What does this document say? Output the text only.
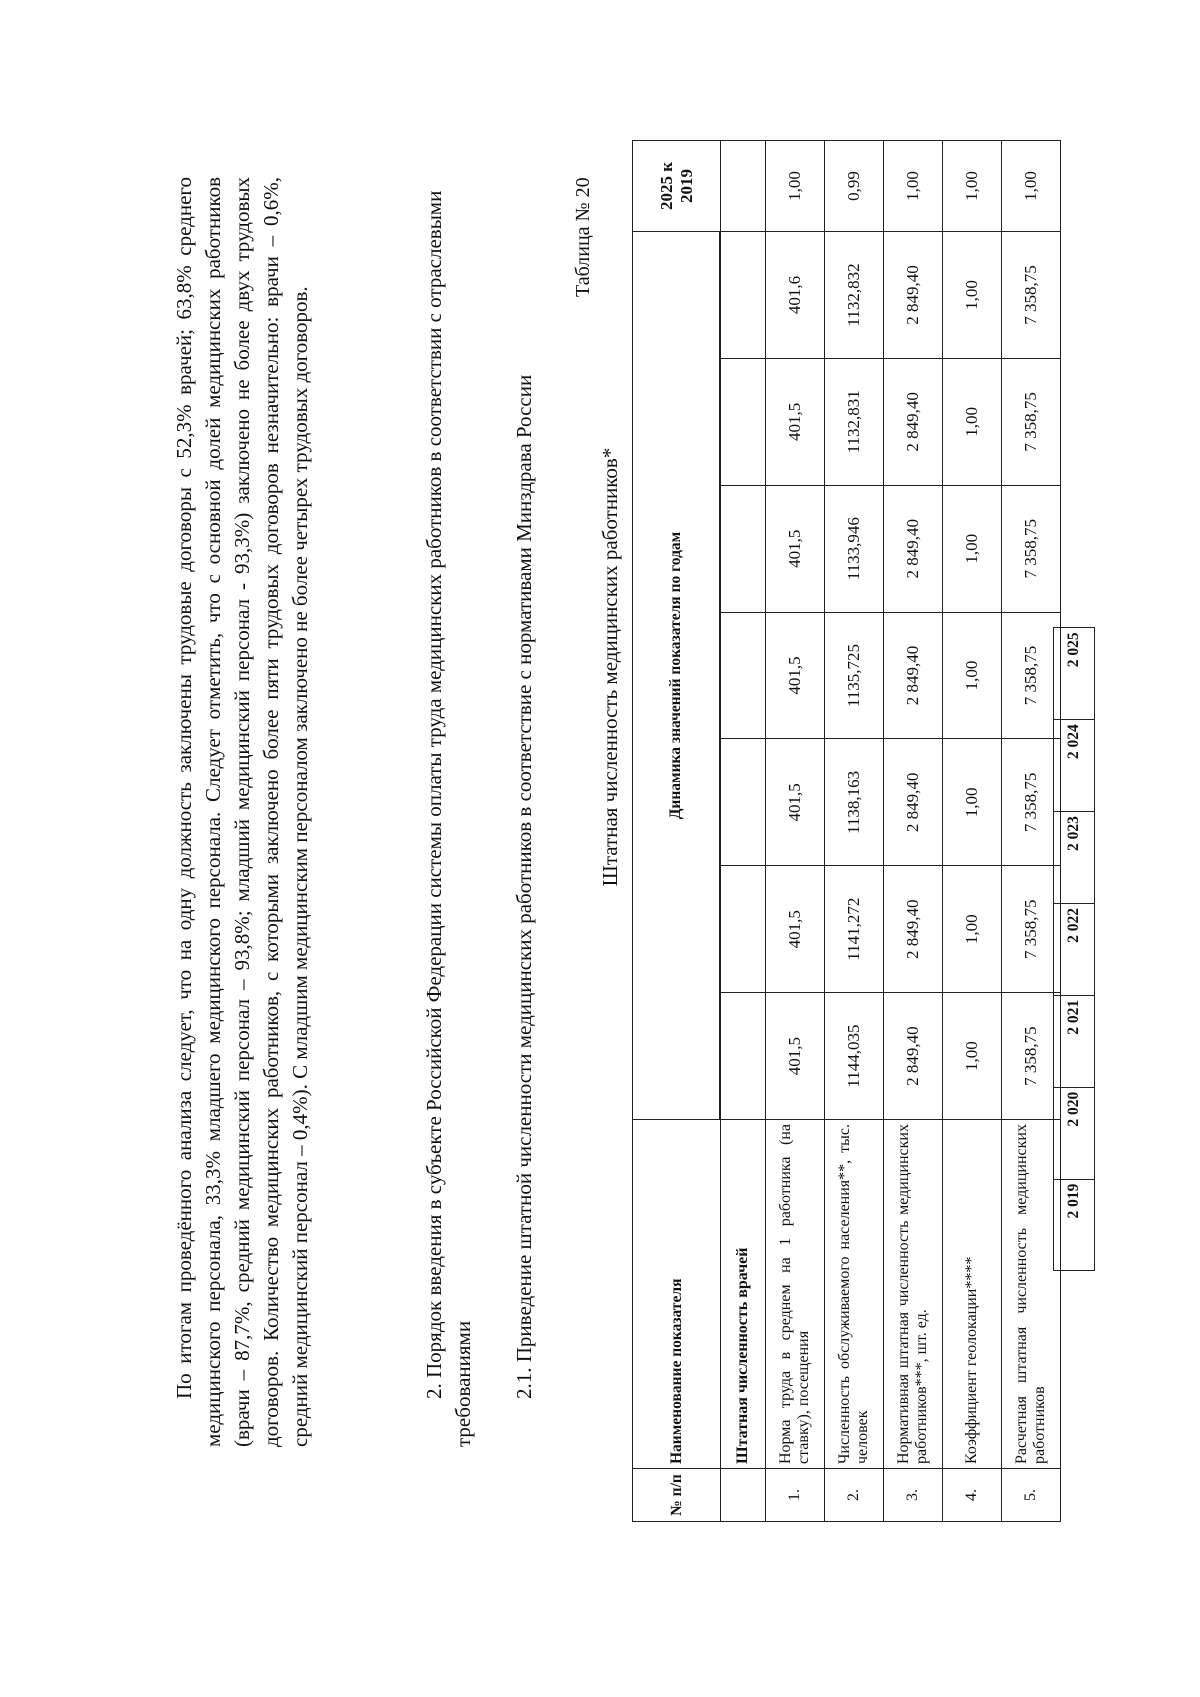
По итогам проведённого анализа следует, что на одну должность заключены трудовые договоры с 52,3% врачей; 63,8% среднего медицинского персонала, 33,3% младшего медицинского персонала. Следует отметить, что с основной долей медицинских работников (врачи – 87,7%, средний медицинский персонал – 93,8%; младший медицинский персонал - 93,3%) заключено не более двух трудовых договоров. Количество медицинских работников, с которыми заключено более пяти трудовых договоров незначительно: врачи – 0,6%, средний медицинский персонал – 0,4%). С младшим медицинским персоналом заключено не более четырех трудовых договоров.	2. Порядок введения в субъекте Российской Федерации системы оплаты труда медицинских работников в соответствии с отраслевыми требованиями 2.1. Приведение штатной численности медицинских работников в соответствие с нормативами Минздрава России

Таблица № 20
Штатная численность медицинских работников*
№ п/п	Наименование показателя	Динамика значений показателя по годам	2025 к 2019

2 019	2 020	2 021	2 022	2 023	2 024	2 025
	Штатная численность врачей								
1.	Норма труда в среднем на 1 работника (на ставку), посещения	401,5	401,5	401,5	401,5	401,5	401,5	401,6	1,00
2.	Численность обслуживаемого населения**, тыс. человек	1144,035	1141,272	1138,163	1135,725	1133,946	1132,831	1132,832	0,99
3.	Нормативная штатная численность медицинских работников***, шт. ед.	2 849,40	2 849,40	2 849,40	2 849,40	2 849,40	2 849,40	2 849,40	1,00
4.	Коэффициент геолокации****	1,00	1,00	1,00	1,00	1,00	1,00	1,00	1,00
5.	Расчетная штатная численность медицинских работников	7 358,75	7 358,75	7 358,75	7 358,75	7 358,75	7 358,75	7 358,75	1,00
